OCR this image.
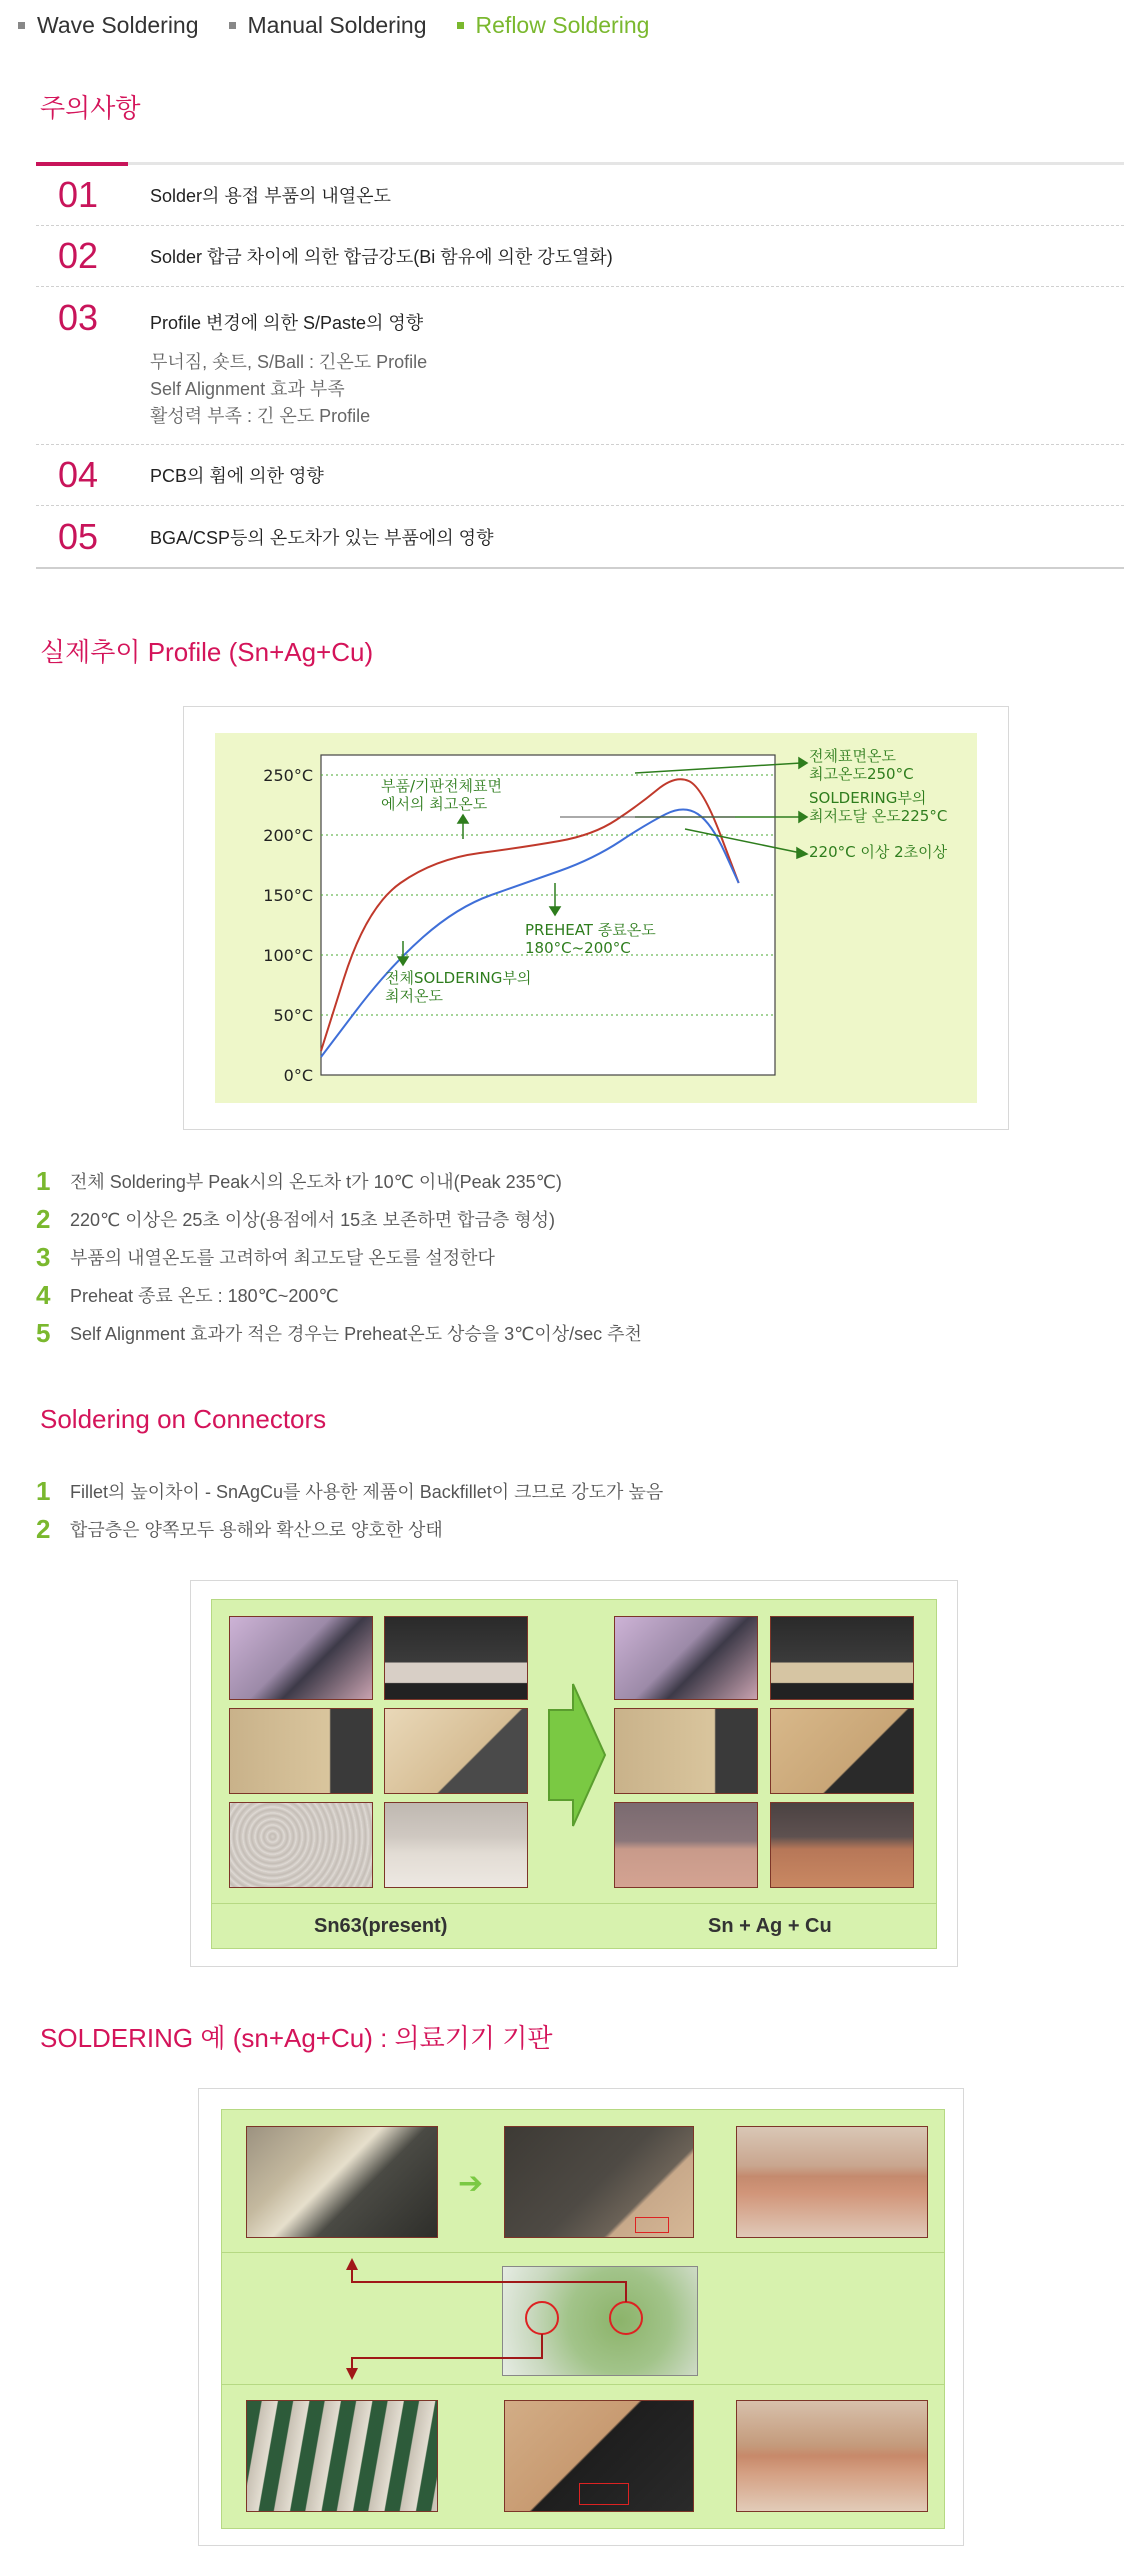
Wave Soldering Manual Soldering Reflow Soldering
주의사항
01	Solder의 용접 부품의 내열온도
02	Solder 합금 차이에 의한 합금강도(Bi 함유에 의한 강도열화)
03	Profile 변경에 의한 S/Paste의 영향
무너짐, 숏트, S/Ball : 긴온도 Profile
Self Alignment 효과 부족
활성력 부족 : 긴 온도 Profile
04	PCB의 휨에 의한 영향
05	BGA/CSP등의 온도차가 있는 부품에의 영향
실제추이 Profile (Sn+Ag+Cu)
250°C
200°C
150°C
100°C
50°C
0°C
부품/기판전체표면
에서의 최고온도
PREHEAT 종료온도
180°C~200°C
전체SOLDERING부의
최저온도
전체표면온도
최고온도250°C
SOLDERING부의
최저도달 온도225°C
220°C 이상 2초이상
1	전체 Soldering부 Peak시의 온도차 t가 10℃ 이내(Peak 235℃)
2	220℃ 이상은 25초 이상(용점에서 15초 보존하면 합금층 형성)
3	부품의 내열온도를 고려하여 최고도달 온도를 설정한다
4	Preheat 종료 온도 : 180℃~200℃
5	Self Alignment 효과가 적은 경우는 Preheat온도 상승을 3℃이상/sec 추천
Soldering on Connectors
1	Fillet의 높이차이 - SnAgCu를 사용한 제품이 Backfillet이 크므로 강도가 높음
2	합금층은 양쪽모두 용해와 확산으로 양호한 상태
Sn63(present)	Sn + Ag + Cu
SOLDERING 예 (sn+Ag+Cu) : 의료기기 기판
➔
